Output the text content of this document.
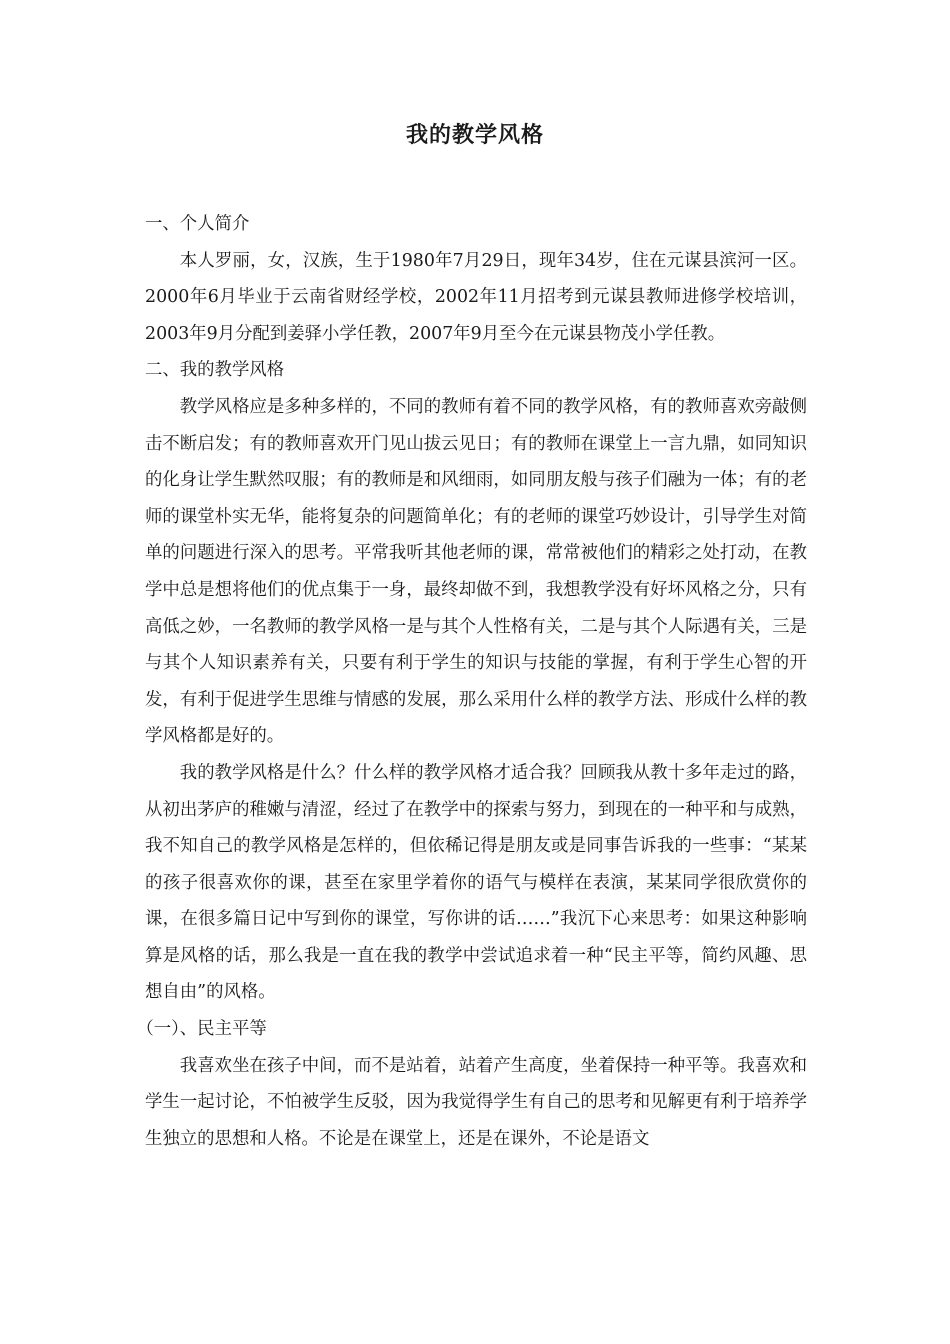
我的教学风格

一、个人简介

本人罗丽，女，汉族，生于1980年7月29日，现年34岁，住在元谋县滨河一区。2000年6月毕业于云南省财经学校，2002年11月招考到元谋县教师进修学校培训，2003年9月分配到姜驿小学任教，2007年9月至今在元谋县物茂小学任教。

二、我的教学风格

教学风格应是多种多样的，不同的教师有着不同的教学风格，有的教师喜欢旁敲侧击不断启发；有的教师喜欢开门见山拔云见日；有的教师在课堂上一言九鼎，如同知识的化身让学生默然叹服；有的教师是和风细雨，如同朋友般与孩子们融为一体；有的老师的课堂朴实无华，能将复杂的问题简单化；有的老师的课堂巧妙设计，引导学生对简单的问题进行深入的思考。平常我听其他老师的课，常常被他们的精彩之处打动，在教学中总是想将他们的优点集于一身，最终却做不到，我想教学没有好坏风格之分，只有高低之妙，一名教师的教学风格一是与其个人性格有关，二是与其个人际遇有关，三是与其个人知识素养有关，只要有利于学生的知识与技能的掌握，有利于学生心智的开发，有利于促进学生思维与情感的发展，那么采用什么样的教学方法、形成什么样的教学风格都是好的。

我的教学风格是什么？什么样的教学风格才适合我？回顾我从教十多年走过的路，从初出茅庐的稚嫩与清涩，经过了在教学中的探索与努力，到现在的一种平和与成熟，我不知自己的教学风格是怎样的，但依稀记得是朋友或是同事告诉我的一些事：“某某的孩子很喜欢你的课，甚至在家里学着你的语气与模样在表演，某某同学很欣赏你的课，在很多篇日记中写到你的课堂，写你讲的话……”我沉下心来思考：如果这种影响算是风格的话，那么我是一直在我的教学中尝试追求着一种“民主平等，简约风趣、思想自由”的风格。

（一）、民主平等

我喜欢坐在孩子中间，而不是站着，站着产生高度，坐着保持一种平等。我喜欢和学生一起讨论，不怕被学生反驳，因为我觉得学生有自己的思考和见解更有利于培养学生独立的思想和人格。不论是在课堂上，还是在课外，不论是语文
